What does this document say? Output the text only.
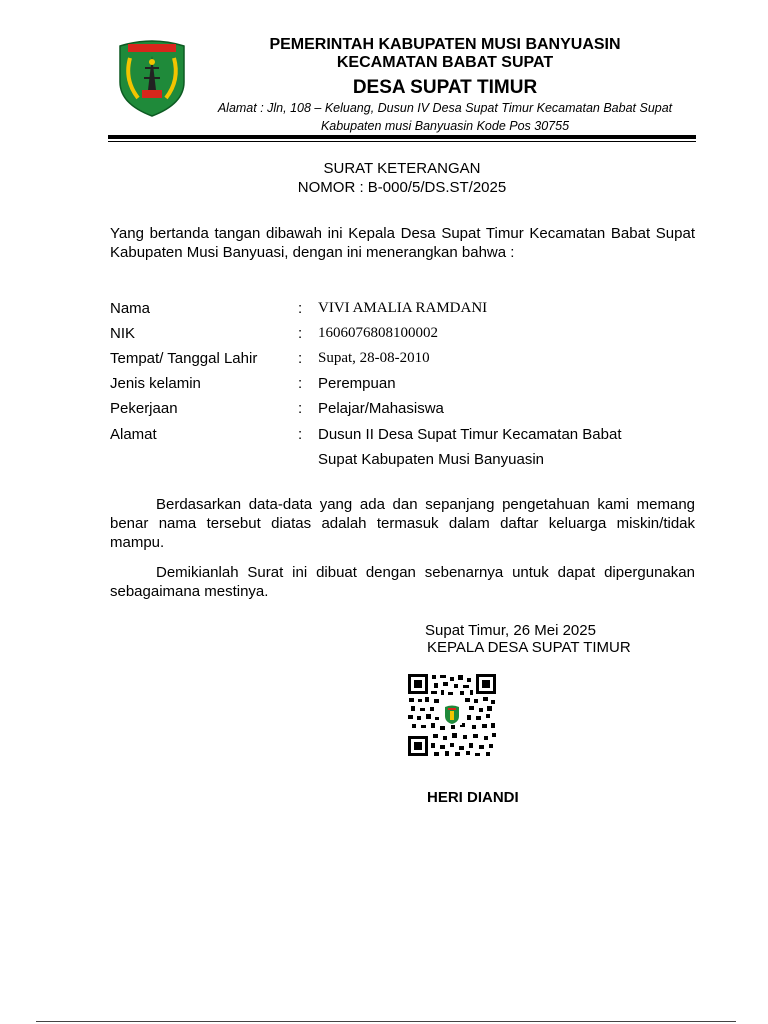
PEMERINTAH KABUPATEN MUSI BANYUASIN
KECAMATAN BABAT SUPAT
DESA SUPAT TIMUR
Alamat : Jln, 108 – Keluang, Dusun IV Desa Supat Timur Kecamatan Babat Supat
Kabupaten musi Banyuasin Kode Pos 30755
SURAT KETERANGAN
NOMOR : B-000/5/DS.ST/2025
Yang bertanda tangan dibawah ini Kepala Desa Supat Timur Kecamatan Babat Supat Kabupaten Musi Banyuasi, dengan ini menerangkan bahwa :
Nama	: VIVI AMALIA RAMDANI
NIK	: 1606076808100002
Tempat/ Tanggal Lahir	: Supat, 28-08-2010
Jenis kelamin	: Perempuan
Pekerjaan	: Pelajar/Mahasiswa
Alamat	: Dusun II Desa Supat Timur Kecamatan Babat
Supat Kabupaten Musi Banyuasin
Berdasarkan data-data yang ada dan sepanjang pengetahuan kami memang benar nama tersebut diatas adalah termasuk dalam daftar keluarga miskin/tidak mampu.
Demikianlah Surat ini dibuat dengan sebenarnya untuk dapat dipergunakan sebagaimana mestinya.
Supat Timur, 26 Mei 2025
KEPALA DESA SUPAT TIMUR
HERI DIANDI
